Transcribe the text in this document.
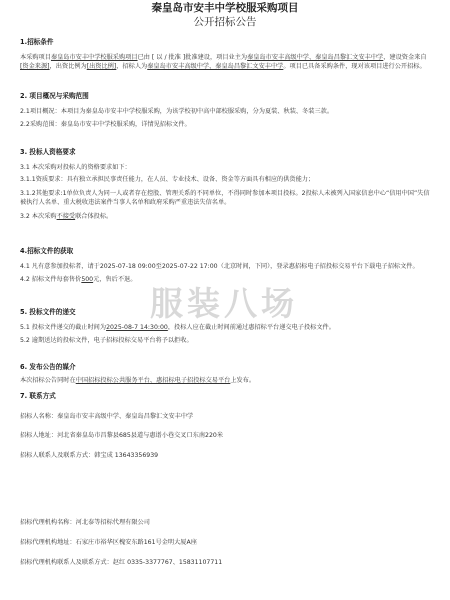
秦皇岛市安丰中学校服采购项目
公开招标公告
1.招标条件
本采购项目秦皇岛市安丰中学校服采购项目已由 [ 以 / 批准 ]批准建设，项目业主为秦皇岛市安丰高级中学、秦皇岛昌黎汇文安丰中学，建设资金来自[资金来源]，出资比例为[出资比例]，招标人为秦皇岛市安丰高级中学、秦皇岛昌黎汇文安丰中学。项目已具备采购条件，现对该项目进行公开招标。
2. 项目概况与采购范围
2.1项目概况：本项目为秦皇岛市安丰中学校服采购，为该学校初中高中部校服采购，分为夏装、秋装、冬装三款。
2.2采购范围：秦皇岛市安丰中学校服采购，详情见招标文件。
3. 投标人资格要求
3.1 本次采购对投标人的资格要求如下：
3.1.1资质要求：具有独立承担民事责任能力，在人员、专业技术、设备、资金等方面具有相应的供货能力；
3.1.2其他要求:1单位负责人为同一人或者存在控股、管理关系的不同单位，不得同时参加本项目投标。2投标人未被列入国家信息中心“信用中国”失信被执行人名单、重大税收违法案件当事人名单和政府采购严重违法失信名单。
3.2 本次采购不接受联合体投标。
4.招标文件的获取
4.1 凡有意参加投标者，请于2025-07-18 09:00至2025-07-22 17:00（北京时间，下同），登录惠招标电子招投标交易平台下载电子招标文件。
4.2 招标文件每套售价500元，售后不退。
5. 投标文件的递交
5.1 投标文件递交的截止时间为2025-08-7 14:30:00，投标人应在截止时间前通过惠招标平台递交电子投标文件。
5.2 逾期送达的投标文件，电子招标投标交易平台将予以拒收。
6. 发布公告的媒介
本次招标公告同时在中国招标投标公共服务平台、惠招标电子招投标交易平台上发布。
7. 联系方式
招标人名称：秦皇岛市安丰高级中学、秦皇岛昌黎汇文安丰中学
招标人地址：河北省秦皇岛市昌黎县685县道与惠谱小巷交叉口东南220米
招标人联系人及联系方式：韩宝成 13643356939
招标代理机构名称：河北泰等招标代理有限公司
招标代理机构地址：石家庄市裕华区槐安东路161号金明大厦A座
招标代理机构联系人及联系方式：赵红 0335-3377767、15831107711
服装八场
